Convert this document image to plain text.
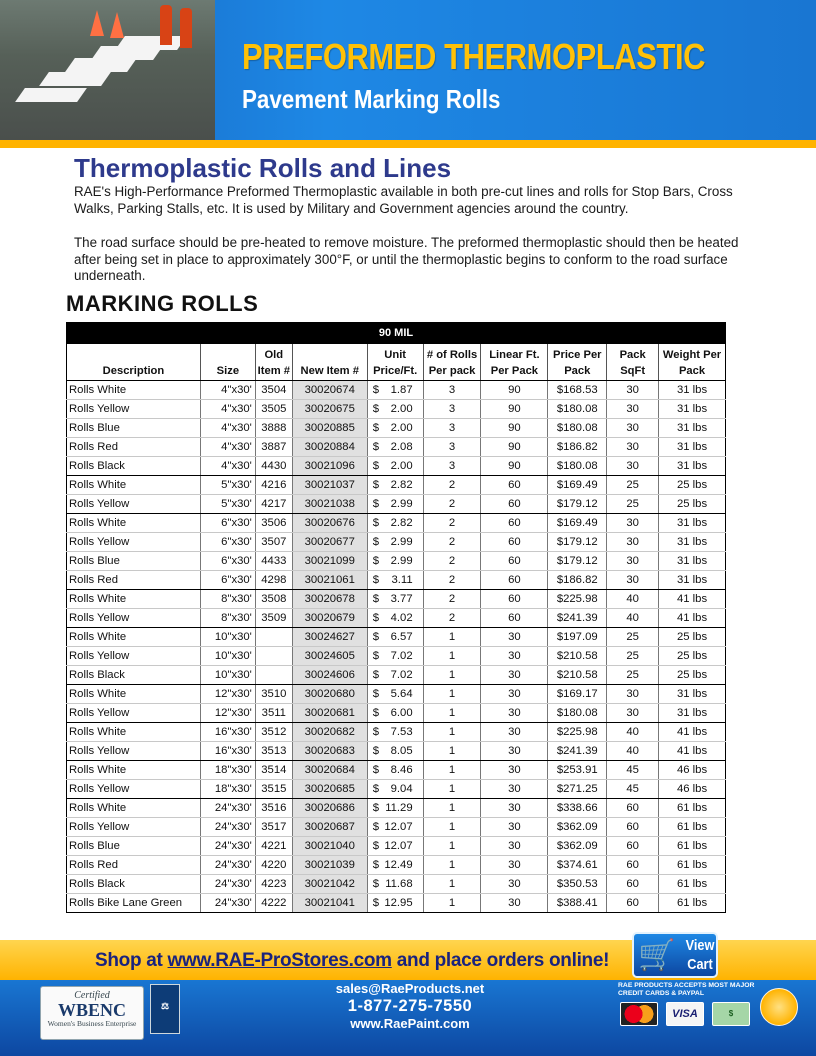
PREFORMED THERMOPLASTIC
Pavement Marking Rolls
Thermoplastic Rolls and Lines
RAE's High-Performance Preformed Thermoplastic available in both pre-cut lines and rolls for Stop Bars, Cross Walks, Parking Stalls, etc. It is used by Military and Government agencies around the country.
The road surface should be pre-heated to remove moisture. The preformed thermoplastic should then be heated after being set in place to approximately 300°F, or until the thermoplastic begins to conform to the road surface underneath.
MARKING ROLLS
90 MIL									
Description	Size	Old Item #	New Item #	Unit Price/Ft.	# of Rolls Per pack	Linear Ft. Per Pack	Price Per Pack	Pack SqFt	Weight Per Pack
Rolls White	4"x30'	3504	30020674	$ 1.87	3	90	$168.53	30	31 lbs
Rolls Yellow	4"x30'	3505	30020675	$ 2.00	3	90	$180.08	30	31 lbs
Rolls Blue	4"x30'	3888	30020885	$ 2.00	3	90	$180.08	30	31 lbs
Rolls Red	4"x30'	3887	30020884	$ 2.08	3	90	$186.82	30	31 lbs
Rolls Black	4"x30'	4430	30021096	$ 2.00	3	90	$180.08	30	31 lbs
Rolls White	5"x30'	4216	30021037	$ 2.82	2	60	$169.49	25	25 lbs
Rolls Yellow	5"x30'	4217	30021038	$ 2.99	2	60	$179.12	25	25 lbs
Rolls White	6"x30'	3506	30020676	$ 2.82	2	60	$169.49	30	31 lbs
Rolls Yellow	6"x30'	3507	30020677	$ 2.99	2	60	$179.12	30	31 lbs
Rolls Blue	6"x30'	4433	30021099	$ 2.99	2	60	$179.12	30	31 lbs
Rolls Red	6"x30'	4298	30021061	$ 3.11	2	60	$186.82	30	31 lbs
Rolls White	8"x30'	3508	30020678	$ 3.77	2	60	$225.98	40	41 lbs
Rolls Yellow	8"x30'	3509	30020679	$ 4.02	2	60	$241.39	40	41 lbs
Rolls White	10"x30'		30024627	$ 6.57	1	30	$197.09	25	25 lbs
Rolls Yellow	10"x30'		30024605	$ 7.02	1	30	$210.58	25	25 lbs
Rolls Black	10"x30'		30024606	$ 7.02	1	30	$210.58	25	25 lbs
Rolls White	12"x30'	3510	30020680	$ 5.64	1	30	$169.17	30	31 lbs
Rolls Yellow	12"x30'	3511	30020681	$ 6.00	1	30	$180.08	30	31 lbs
Rolls White	16"x30'	3512	30020682	$ 7.53	1	30	$225.98	40	41 lbs
Rolls Yellow	16"x30'	3513	30020683	$ 8.05	1	30	$241.39	40	41 lbs
Rolls White	18"x30'	3514	30020684	$ 8.46	1	30	$253.91	45	46 lbs
Rolls Yellow	18"x30'	3515	30020685	$ 9.04	1	30	$271.25	45	46 lbs
Rolls White	24"x30'	3516	30020686	$ 11.29	1	30	$338.66	60	61 lbs
Rolls Yellow	24"x30'	3517	30020687	$ 12.07	1	30	$362.09	60	61 lbs
Rolls Blue	24"x30'	4221	30021040	$ 12.07	1	30	$362.09	60	61 lbs
Rolls Red	24"x30'	4220	30021039	$ 12.49	1	30	$374.61	60	61 lbs
Rolls Black	24"x30'	4223	30021042	$ 11.68	1	30	$350.53	60	61 lbs
Rolls Bike Lane Green	24"x30'	4222	30021041	$ 12.95	1	30	$388.41	60	61 lbs
Shop at www.RAE-ProStores.com and place orders online! 🛒 View Cart
Certified
WBENC
Women's Business Enterprise
⚖
sales@RaeProducts.net
1-877-275-7550
www.RaePaint.com
RAE PRODUCTS ACCEPTS MOST MAJOR CREDIT CARDS & PAYPAL
VISA	$
